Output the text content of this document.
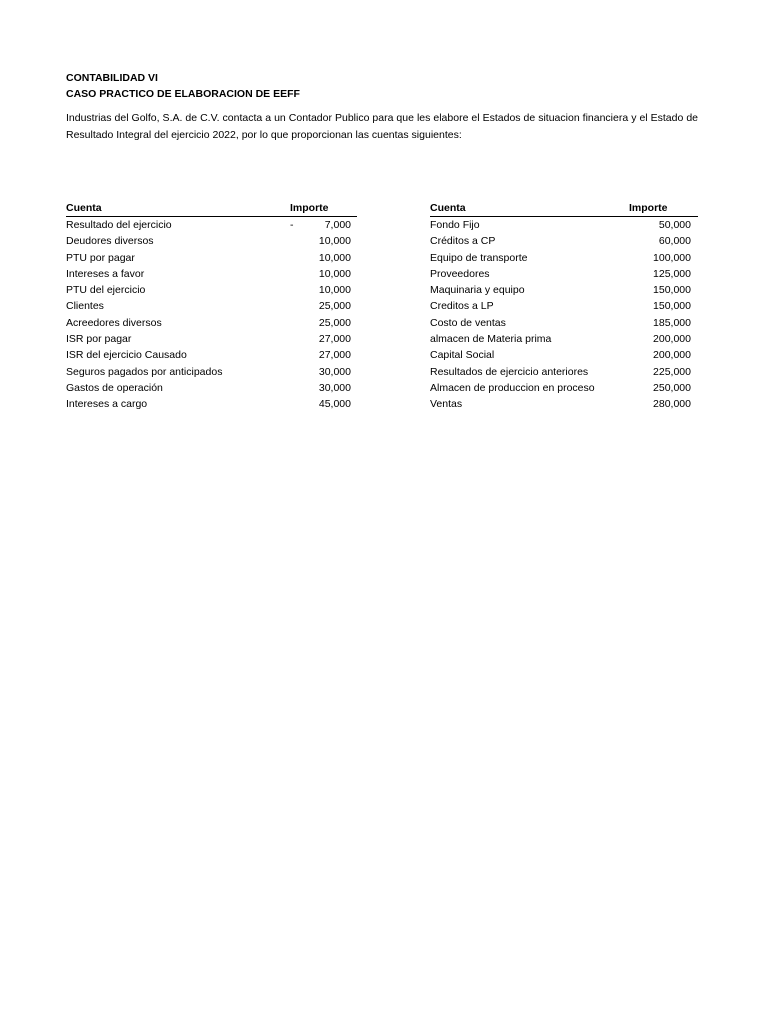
CONTABILIDAD VI
CASO PRACTICO DE ELABORACION DE EEFF
Industrias del Golfo, S.A. de C.V. contacta a un Contador Publico para que les elabore el Estados de situacion financiera y el Estado de Resultado Integral del ejercicio 2022, por lo que proporcionan las cuentas siguientes:
Cuenta	Importe
Resultado del ejercicio	- 7,000
Deudores diversos	10,000
PTU por pagar	10,000
Intereses a favor	10,000
PTU del ejercicio	10,000
Clientes	25,000
Acreedores diversos	25,000
ISR por pagar	27,000
ISR del ejercicio Causado	27,000
Seguros pagados por anticipados	30,000
Gastos de operación	30,000
Intereses a cargo	45,000
Cuenta	Importe
Fondo Fijo	50,000
Créditos a CP	60,000
Equipo de transporte	100,000
Proveedores	125,000
Maquinaria y equipo	150,000
Creditos a LP	150,000
Costo de ventas	185,000
almacen de Materia prima	200,000
Capital Social	200,000
Resultados de ejercicio anteriores	225,000
Almacen de produccion en proceso	250,000
Ventas	280,000
